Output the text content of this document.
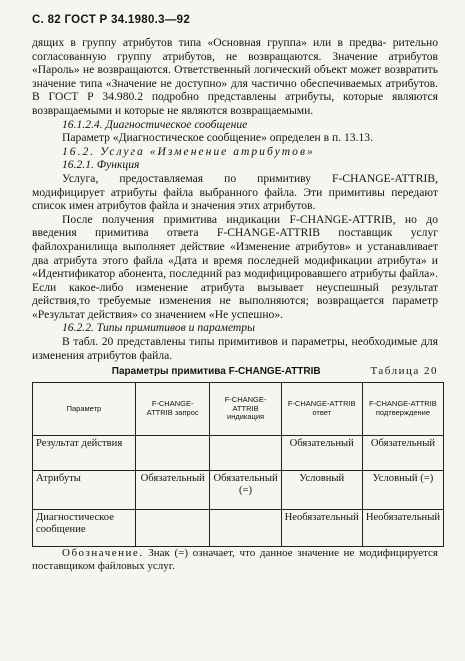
С. 82 ГОСТ Р 34.1980.3—92

дящих в группу атрибутов типа «Основная группа» или в предва- рительно согласованную группу атрибутов, не возвращаются. Значение атрибутов «Пароль» не возвращаются. Ответственный логический объект может возвратить значение типа «Значение не доступно» для частично обеспечиваемых атрибутов. В ГОСТ Р 34.980.2 подробно представлены атрибуты, которые являются возвращаемыми и которые не являются возвращаемыми.

16.1.2.4. Диагностическое сообщение

Параметр «Диагностическое сообщение» определен в п. 13.13.

16.2. Услуга «Изменение атрибутов»

16.2.1. Функция

Услуга, предоставляемая по примитиву F-CHANGE-ATTRIB, модифицирует атрибуты файла выбранного файла. Эти примитивы передают список имен атрибутов файла и значения этих атрибутов.

После получения примитива индикации F-CHANGE-ATTRIB, но до введения примитива ответа F-CHANGE-ATTRIB поставщик услуг файлохранилища выполняет действие «Изменение атрибутов» и устанавливает два атрибута этого файла «Дата и время последней модификации атрибута» и «Идентификатор абонента, последний раз модифицировавшего атрибуты файла». Если какое-либо изменение атрибута вызывает неуспешный результат действия,то требуемые изменения не выполняются; возвращается параметр «Результат действия» со значением «Не успешно».

16.2.2. Типы примитивов и параметры

В табл. 20 представлены типы примитивов и параметры, необходимые для изменения атрибутов файла.

Параметры примитива F-CHANGE-ATTRIB	Таблица 20
Параметр	F-CHANGE-ATTRIB запрос	F-CHANGE-ATTRIB индикация	F-CHANGE-ATTRIB ответ	F-CHANGE-ATTRIB подтверждение
Результат действия			Обязательный	Обязательный
Атрибуты	Обязательный	Обязательный (=)	Условный	Условный (=)
Диагностическое сообщение			Необязательный	Необязательный

Обозначение. Знак (=) означает, что данное значение не модифицируется поставщиком файловых услуг.
